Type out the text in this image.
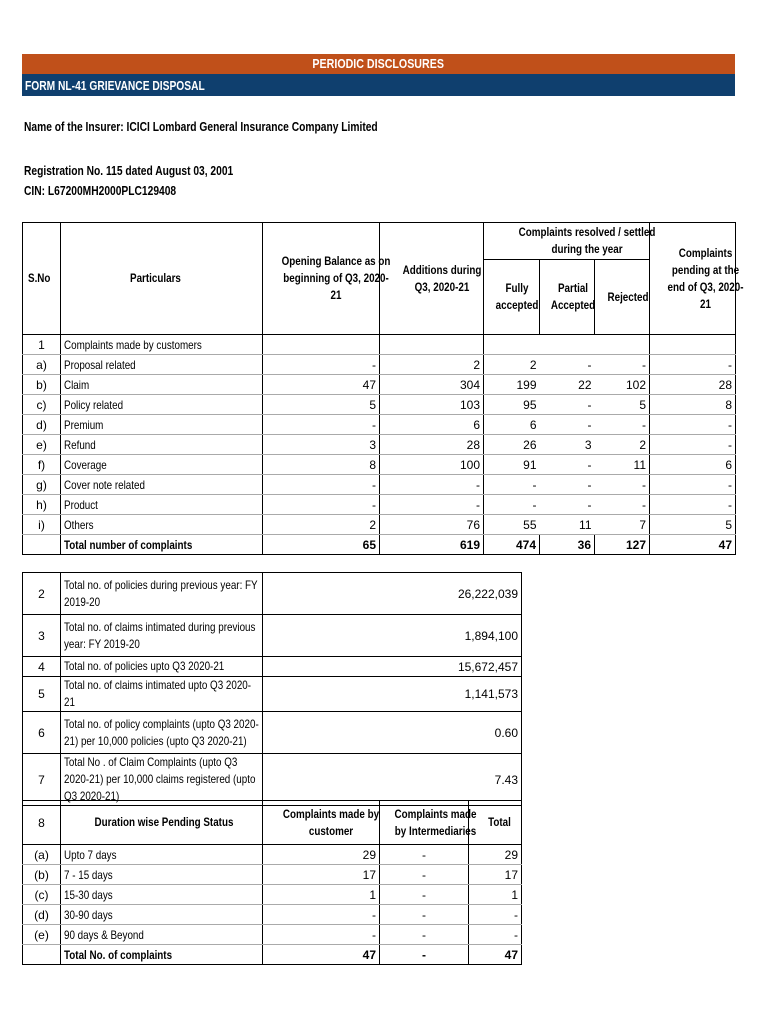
PERIODIC DISCLOSURES
FORM NL-41 GRIEVANCE DISPOSAL
Name of the Insurer: ICICI Lombard General Insurance Company Limited
Registration No. 115 dated August 03, 2001
CIN: L67200MH2000PLC129408
S.No	Particulars	Opening Balance as on beginning of Q3, 2020-21	Additions during Q3, 2020-21	Complaints resolved / settled during the year			Complaints pending at the end of Q3, 2020-21
				Fully accepted	Partial Accepted	Rejected	
1	Complaints made by customers						
a)	Proposal related	-	2	2	-	-	-
b)	Claim	47	304	199	22	102	28
c)	Policy related	5	103	95	-	5	8
d)	Premium	-	6	6	-	-	-
e)	Refund	3	28	26	3	2	-
f)	Coverage	8	100	91	-	11	6
g)	Cover note related	-	-	-	-	-	-
h)	Product	-	-	-	-	-	-
i)	Others	2	76	55	11	7	5
	Total number of complaints	65	619	474	36	127	47
2	Total no. of policies during previous year: FY 2019-20	26,222,039
3	Total no. of claims intimated during previous year: FY 2019-20	1,894,100
4	Total no. of policies upto Q3 2020-21	15,672,457
5	Total no. of claims intimated upto Q3 2020-21	1,141,573
6	Total no. of policy complaints (upto Q3 2020-21) per 10,000 policies (upto Q3 2020-21)	0.60
7	Total No . of Claim Complaints (upto Q3 2020-21) per 10,000 claims registered (upto Q3 2020-21)	7.43
8	Duration wise Pending Status	Complaints made by customer	Complaints made by Intermediaries	Total
(a)	Upto 7 days	29	-	29
(b)	7 - 15 days	17	-	17
(c)	15-30 days	1	-	1
(d)	30-90 days	-	-	-
(e)	90 days & Beyond	-	-	-
	Total No. of complaints	47	-	47
